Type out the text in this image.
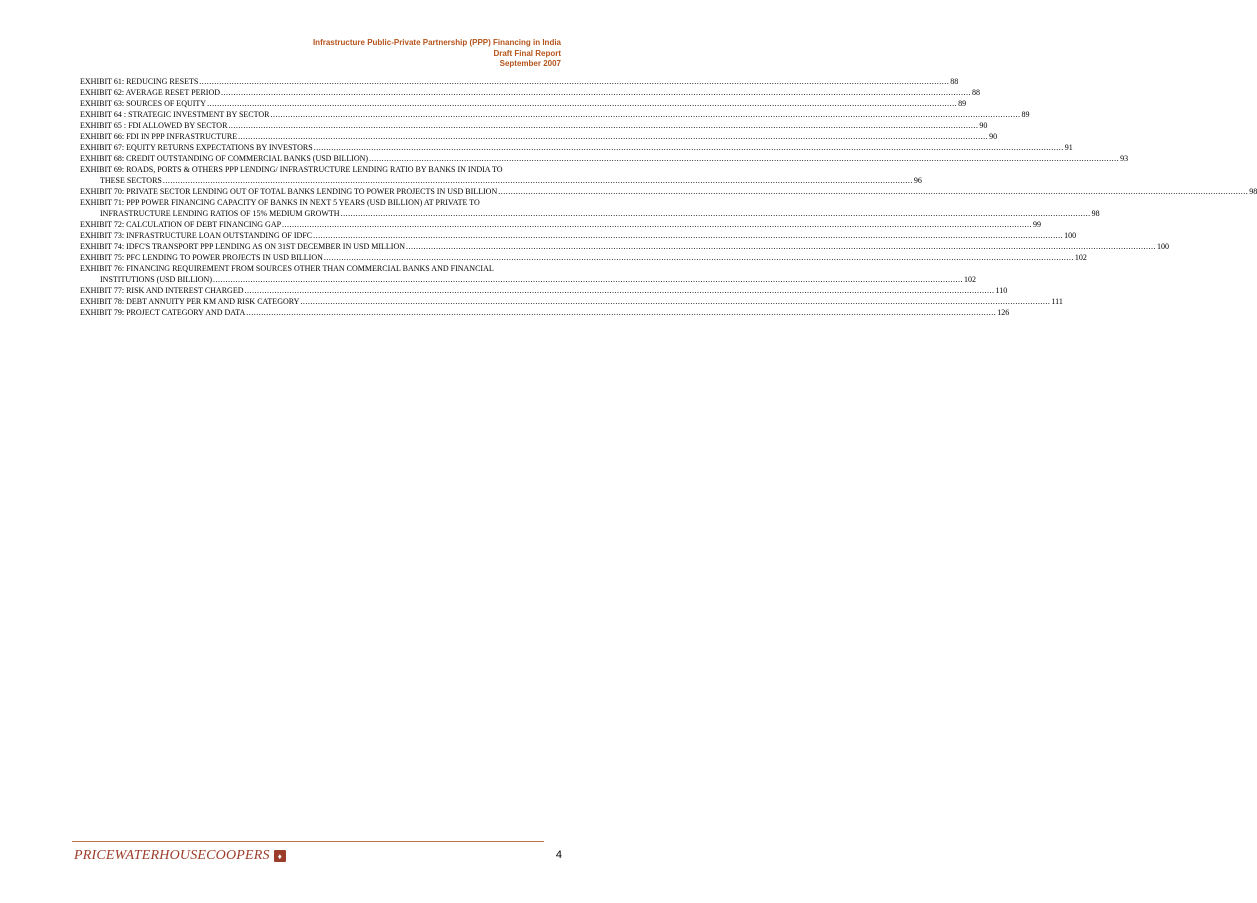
Infrastructure Public-Private Partnership (PPP) Financing in India
Draft Final Report
September 2007
EXHIBIT 61: REDUCING RESETS ............................................................................................................................................................................................................................................................................................................ 88
EXHIBIT 62: AVERAGE RESET PERIOD ............................................................................................................................................................................................................................................................................................................ 88
EXHIBIT 63: SOURCES OF EQUITY ............................................................................................................................................................................................................................................................................................................ 89
EXHIBIT 64 : STRATEGIC INVESTMENT BY SECTOR ............................................................................................................................................................................................................................................................................................................ 89
EXHIBIT 65 : FDI ALLOWED BY SECTOR ............................................................................................................................................................................................................................................................................................................ 90
EXHIBIT 66: FDI IN PPP INFRASTRUCTURE ............................................................................................................................................................................................................................................................................................................ 90
EXHIBIT 67: EQUITY RETURNS EXPECTATIONS BY INVESTORS ............................................................................................................................................................................................................................................................................................................ 91
EXHIBIT 68: CREDIT OUTSTANDING OF COMMERCIAL BANKS (USD BILLION) ............................................................................................................................................................................................................................................................................................................ 93
EXHIBIT 69: ROADS, PORTS & OTHERS PPP LENDING/ INFRASTRUCTURE LENDING RATIO BY BANKS IN INDIA TO
THESE SECTORS ............................................................................................................................................................................................................................................................................................................ 96
EXHIBIT 70: PRIVATE SECTOR LENDING OUT OF TOTAL BANKS LENDING TO POWER PROJECTS IN USD BILLION ............................................................................................................................................................................................................................................................................................................ 98
EXHIBIT 71: PPP POWER FINANCING CAPACITY OF BANKS IN NEXT 5 YEARS (USD BILLION) AT PRIVATE TO
INFRASTRUCTURE LENDING RATIOS OF 15% MEDIUM GROWTH ............................................................................................................................................................................................................................................................................................................ 98
EXHIBIT 72: CALCULATION OF DEBT FINANCING GAP ............................................................................................................................................................................................................................................................................................................ 99
EXHIBIT 73: INFRASTRUCTURE LOAN OUTSTANDING OF IDFC ............................................................................................................................................................................................................................................................................................................ 100
EXHIBIT 74: IDFC'S TRANSPORT PPP LENDING AS ON 31ST DECEMBER IN USD MILLION ............................................................................................................................................................................................................................................................................................................ 100
EXHIBIT 75: PFC LENDING TO POWER PROJECTS IN USD BILLION ............................................................................................................................................................................................................................................................................................................ 102
EXHIBIT 76: FINANCING REQUIREMENT FROM SOURCES OTHER THAN COMMERCIAL BANKS AND FINANCIAL
INSTITUTIONS (USD BILLION) ............................................................................................................................................................................................................................................................................................................ 102
EXHIBIT 77: RISK AND INTEREST CHARGED ............................................................................................................................................................................................................................................................................................................ 110
EXHIBIT 78: DEBT ANNUITY PER KM AND RISK CATEGORY ............................................................................................................................................................................................................................................................................................................ 111
EXHIBIT 79: PROJECT CATEGORY AND DATA ............................................................................................................................................................................................................................................................................................................ 126
PRICEWATERHOUSECOOPERS ♦	4
